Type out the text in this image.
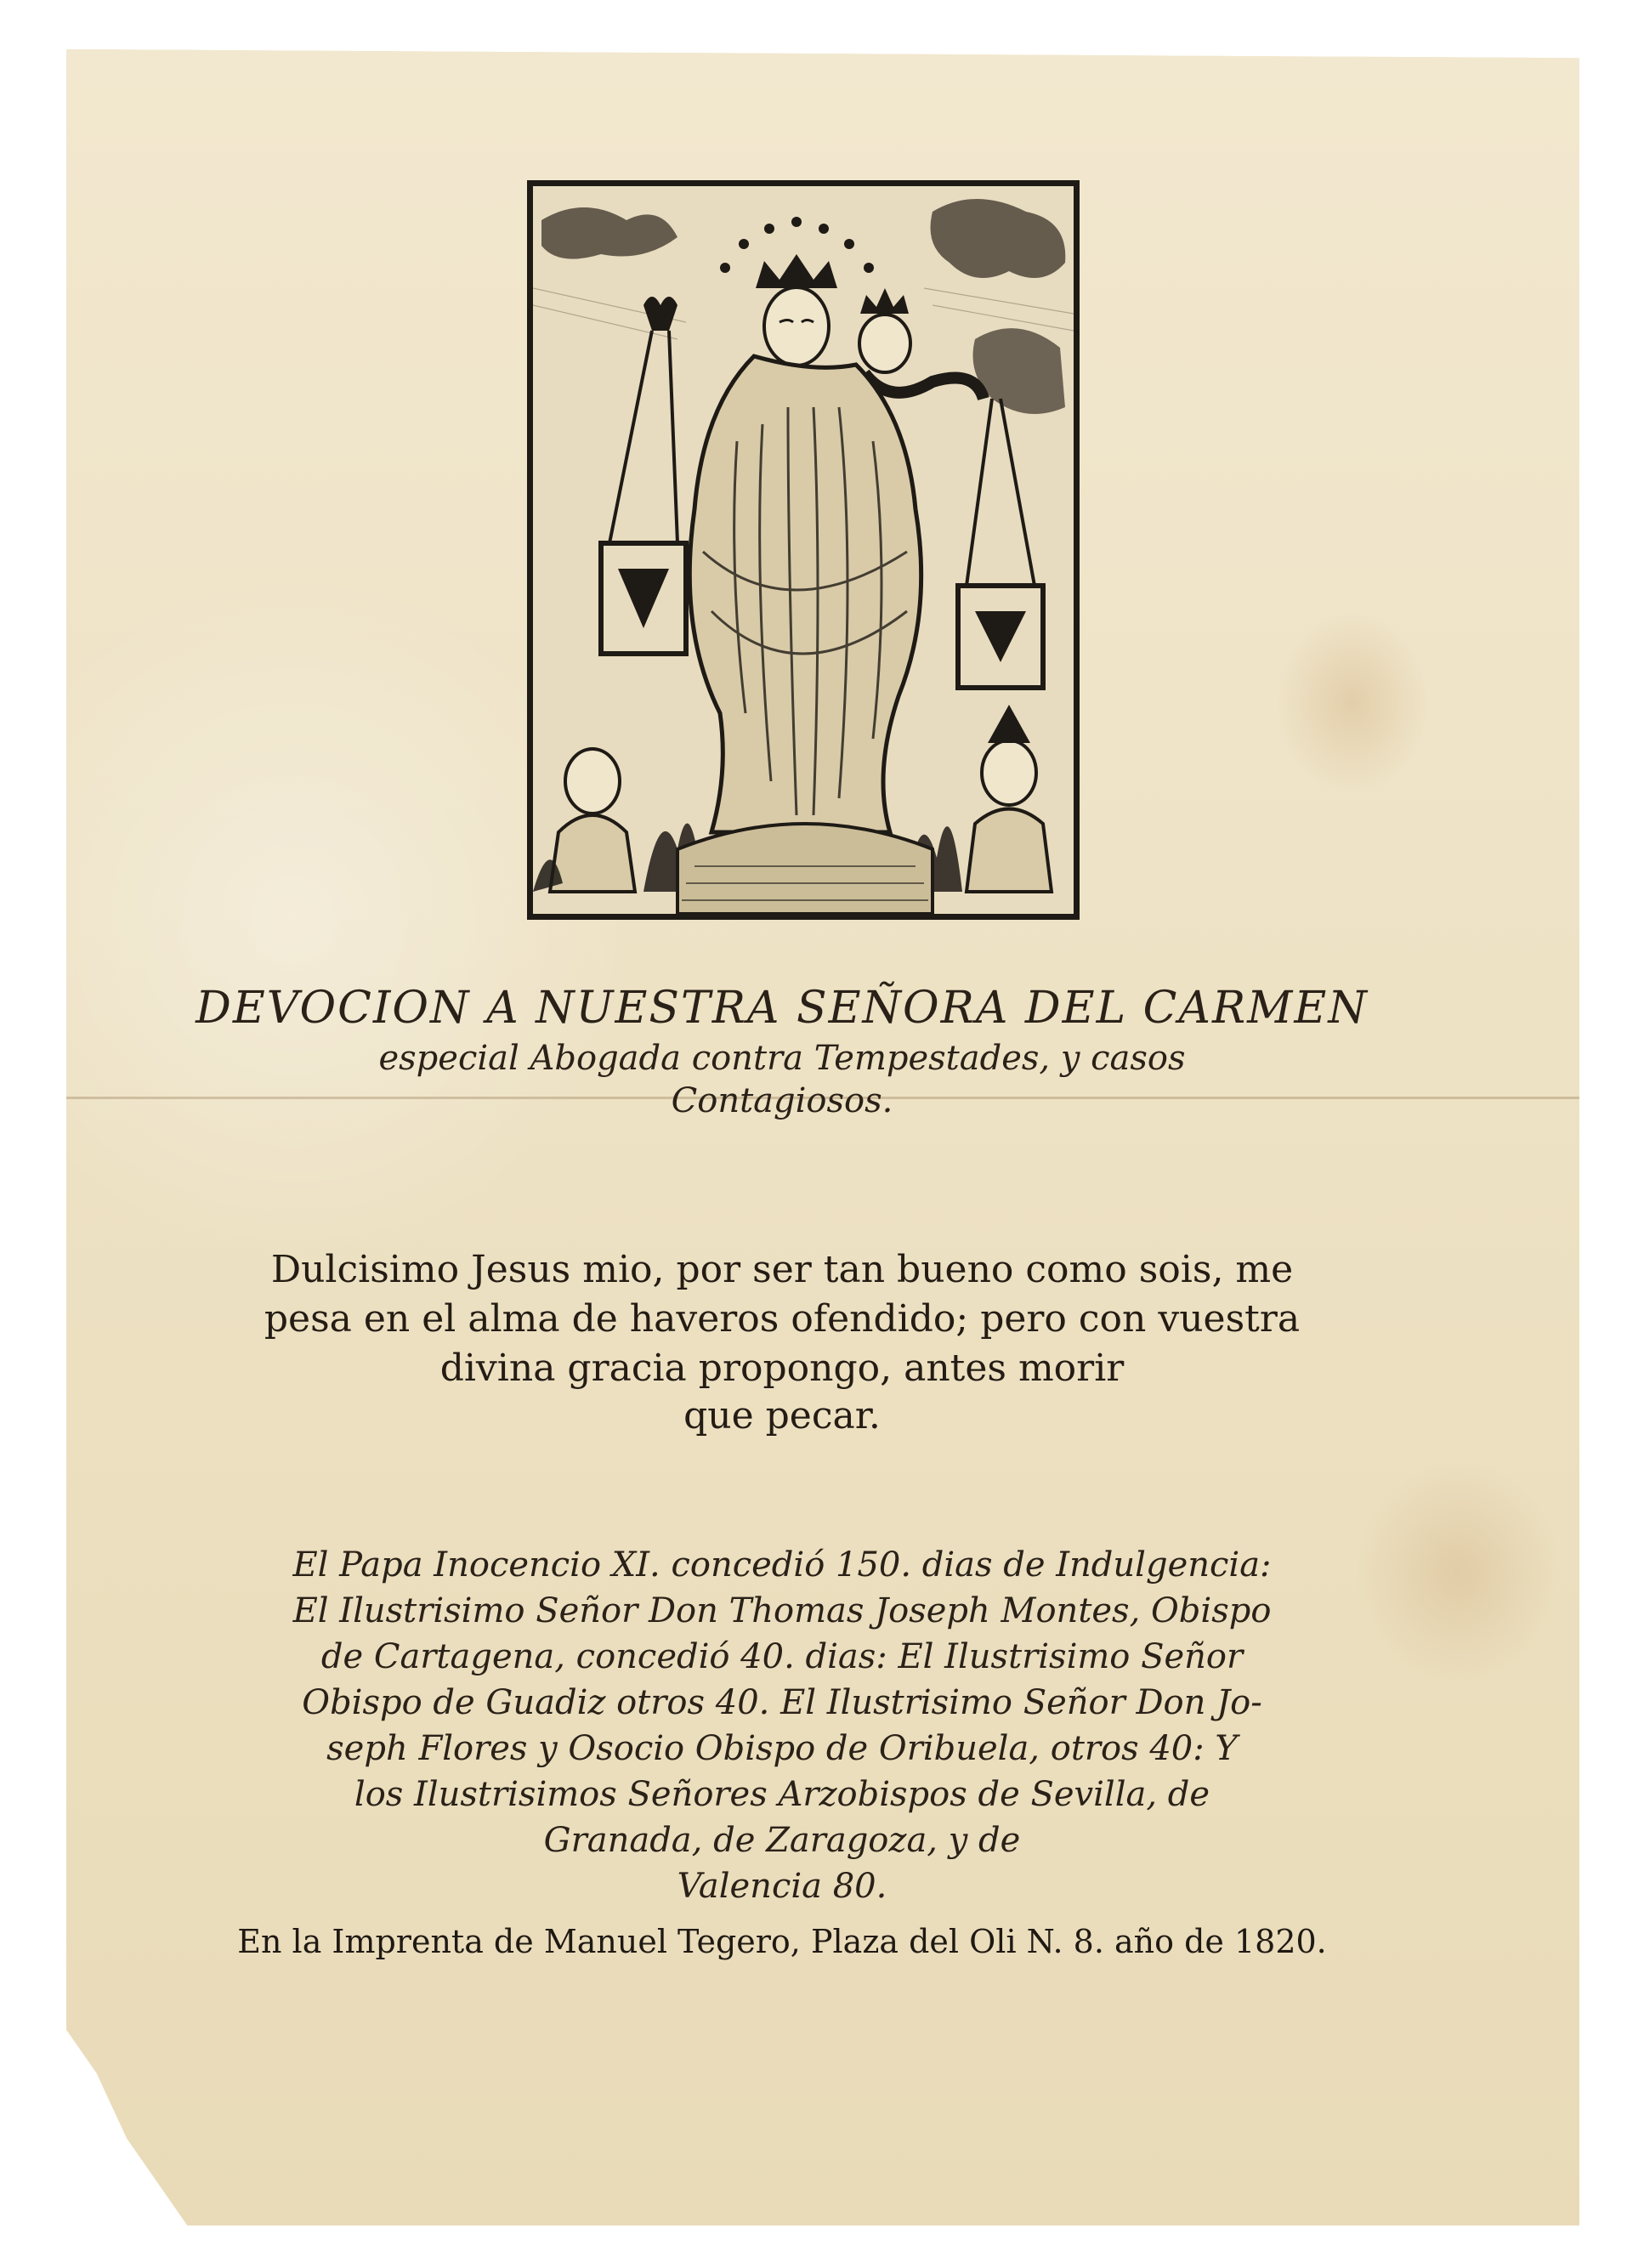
DEVOCION A NUESTRA SEÑORA DEL CARMEN
especial Abogada contra Tempestades, y casos
Contagiosos.
Dulcisimo Jesus mio, por ser tan bueno como sois, me
pesa en el alma de haveros ofendido; pero con vuestra
divina gracia propongo, antes morir
que pecar.
El Papa Inocencio XI. concedió 150. dias de Indulgencia:
El Ilustrisimo Señor Don Thomas Joseph Montes, Obispo
de Cartagena, concedió 40. dias: El Ilustrisimo Señor
Obispo de Guadiz otros 40. El Ilustrisimo Señor Don Jo-
seph Flores y Osocio Obispo de Oribuela, otros 40: Y
los Ilustrisimos Señores Arzobispos de Sevilla, de
Granada, de Zaragoza, y de
Valencia 80.
En la Imprenta de Manuel Tegero, Plaza del Oli N. 8. año de 1820.
